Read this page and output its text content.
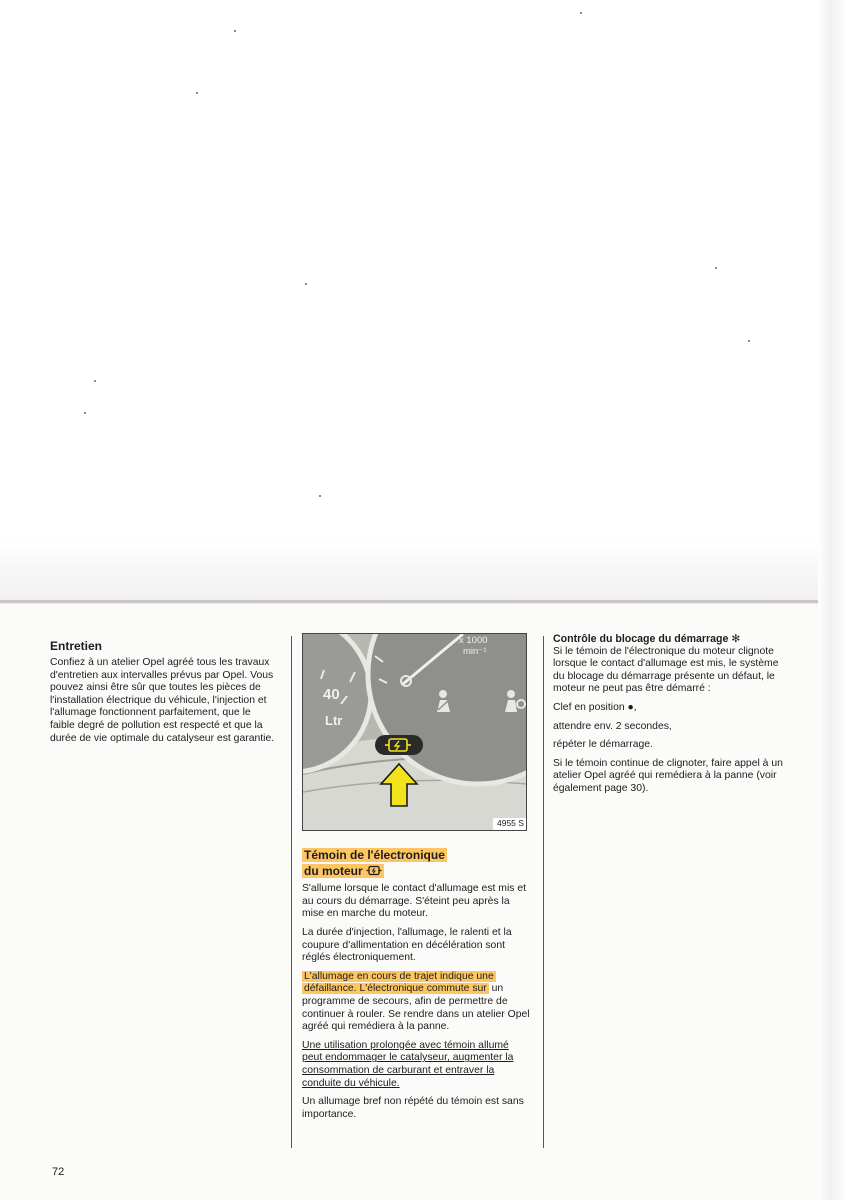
Entretien

Confiez à un atelier Opel agréé tous les travaux d'entretien aux intervalles prévus par Opel. Vous pouvez ainsi être sûr que toutes les pièces de l'installation électrique du véhicule, l'injection et l'allumage fonctionnent parfaitement, que le faible degré de pollution est respecté et que la durée de vie optimale du catalyseur est garantie.

40
Ltr
x 1000
min⁻¹
4955 S
Témoin de l'électronique
du moteur

S'allume lorsque le contact d'allumage est mis et au cours du démarrage. S'éteint peu après la mise en marche du moteur.

La durée d'injection, l'allumage, le ralenti et la coupure d'allimentation en décélération sont réglés électroniquement.

L'allumage en cours de trajet indique une défaillance. L'électronique commute sur un programme de secours, afin de permettre de continuer à rouler. Se rendre dans un atelier Opel agréé qui remédiera à la panne.

Une utilisation prolongée avec témoin allumé peut endommager le catalyseur, augmenter la consommation de carburant et entraver la conduite du véhicule.

Un allumage bref non répété du témoin est sans importance.

Contrôle du blocage du démarrage ✻

Si le témoin de l'électronique du moteur clignote lorsque le contact d'allumage est mis, le système du blocage du démarrage présente un défaut, le moteur ne peut pas être démarré :

Clef en position ●,

attendre env. 2 secondes,

répéter le démarrage.

Si le témoin continue de clignoter, faire appel à un atelier Opel agréé qui remédiera à la panne (voir également page 30).

72
